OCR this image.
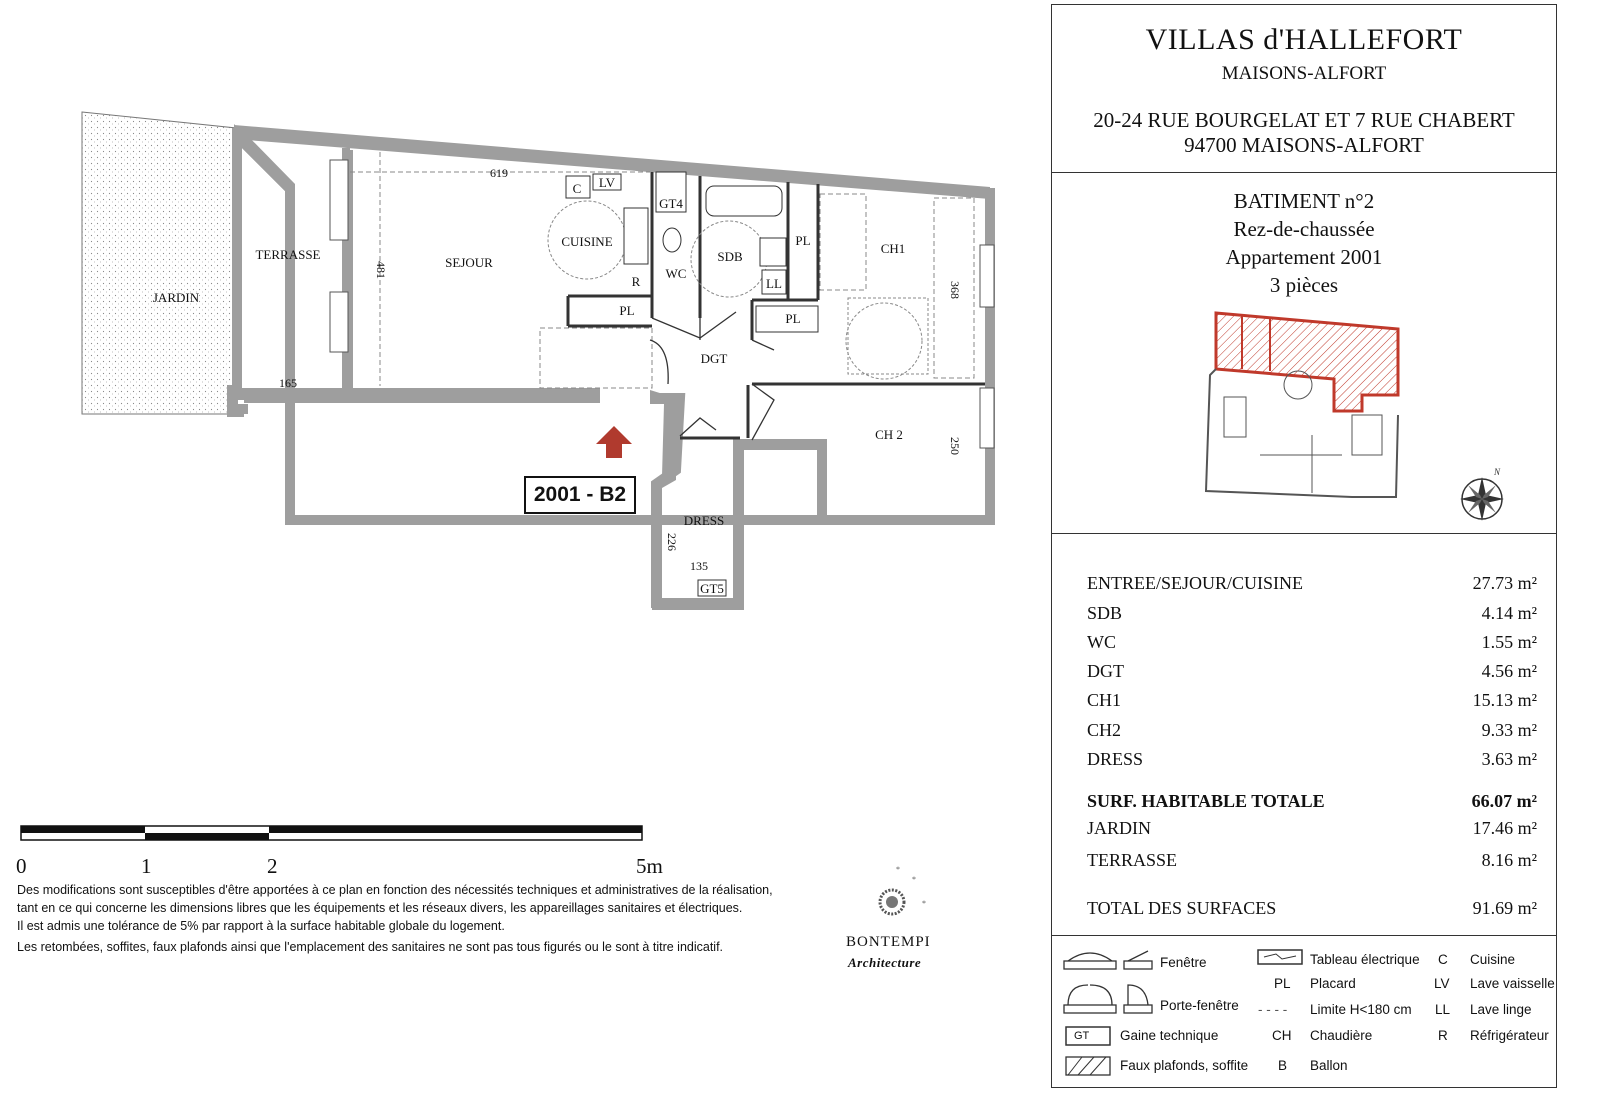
JARDIN
TERRASSE
SEJOUR
CUISINE
WC
SDB
CH1
CH 2
DGT
DRESS
GT4
GT5
PL
PL
PL
C LV
R	LL
619
481
165
368
250
226
135
2001 - B2
0	1	2	5m
Des modifications sont susceptibles d'être apportées à ce plan en fonction des nécessités techniques et administratives de la réalisation,
tant en ce qui concerne les dimensions libres que les équipements et les réseaux divers, les appareillages sanitaires et électriques.
Il est admis une tolérance de 5% par rapport à la surface habitable globale du logement.
Les retombées, soffites, faux plafonds ainsi que l'emplacement des sanitaires ne sont pas tous figurés ou le sont à titre indicatif.
*
*
*
BONTEMPI
Architecture
VILLAS d'HALLEFORT
MAISONS-ALFORT
20-24 RUE BOURGELAT ET 7 RUE CHABERT
94700 MAISONS-ALFORT
BATIMENT n°2
Rez-de-chaussée
Appartement 2001
3 pièces
N
ENTREE/SEJOUR/CUISINE	27.73 m²
SDB	4.14 m²
WC	1.55 m²
DGT	4.56 m²
CH1	15.13 m²
CH2	9.33 m²
DRESS	3.63 m²
SURF. HABITABLE TOTALE	66.07 m²
JARDIN	17.46 m²
TERRASSE	8.16 m²
TOTAL DES SURFACES	91.69 m²
Fenêtre
Porte-fenêtre
GT Gaine technique
Faux plafonds, soffite
Tableau électrique
PL Placard
- - - - Limite H<180 cm
CH Chaudière
B Ballon
C Cuisine
LV Lave vaisselle
LL Lave linge
R Réfrigérateur
